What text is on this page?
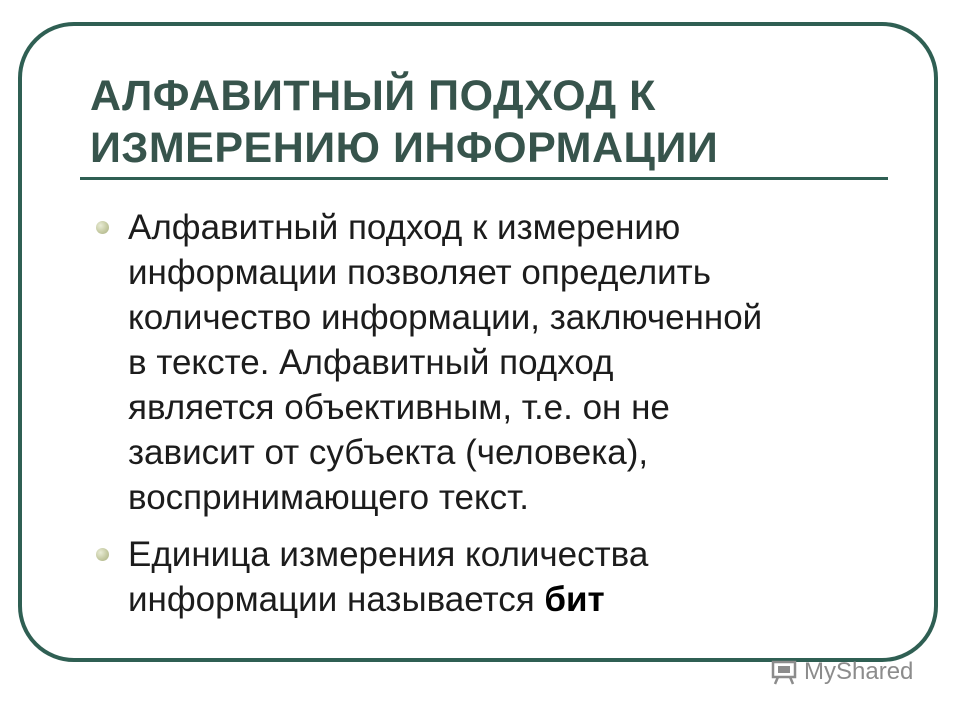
АЛФАВИТНЫЙ ПОДХОД К
ИЗМЕРЕНИЮ ИНФОРМАЦИИ
Алфавитный подход к измерению
информации позволяет определить
количество информации, заключенной
в тексте. Алфавитный подход
является объективным, т.е. он не
зависит от субъекта (человека),
воспринимающего текст.
Единица измерения количества
информации называется бит
MyShared
